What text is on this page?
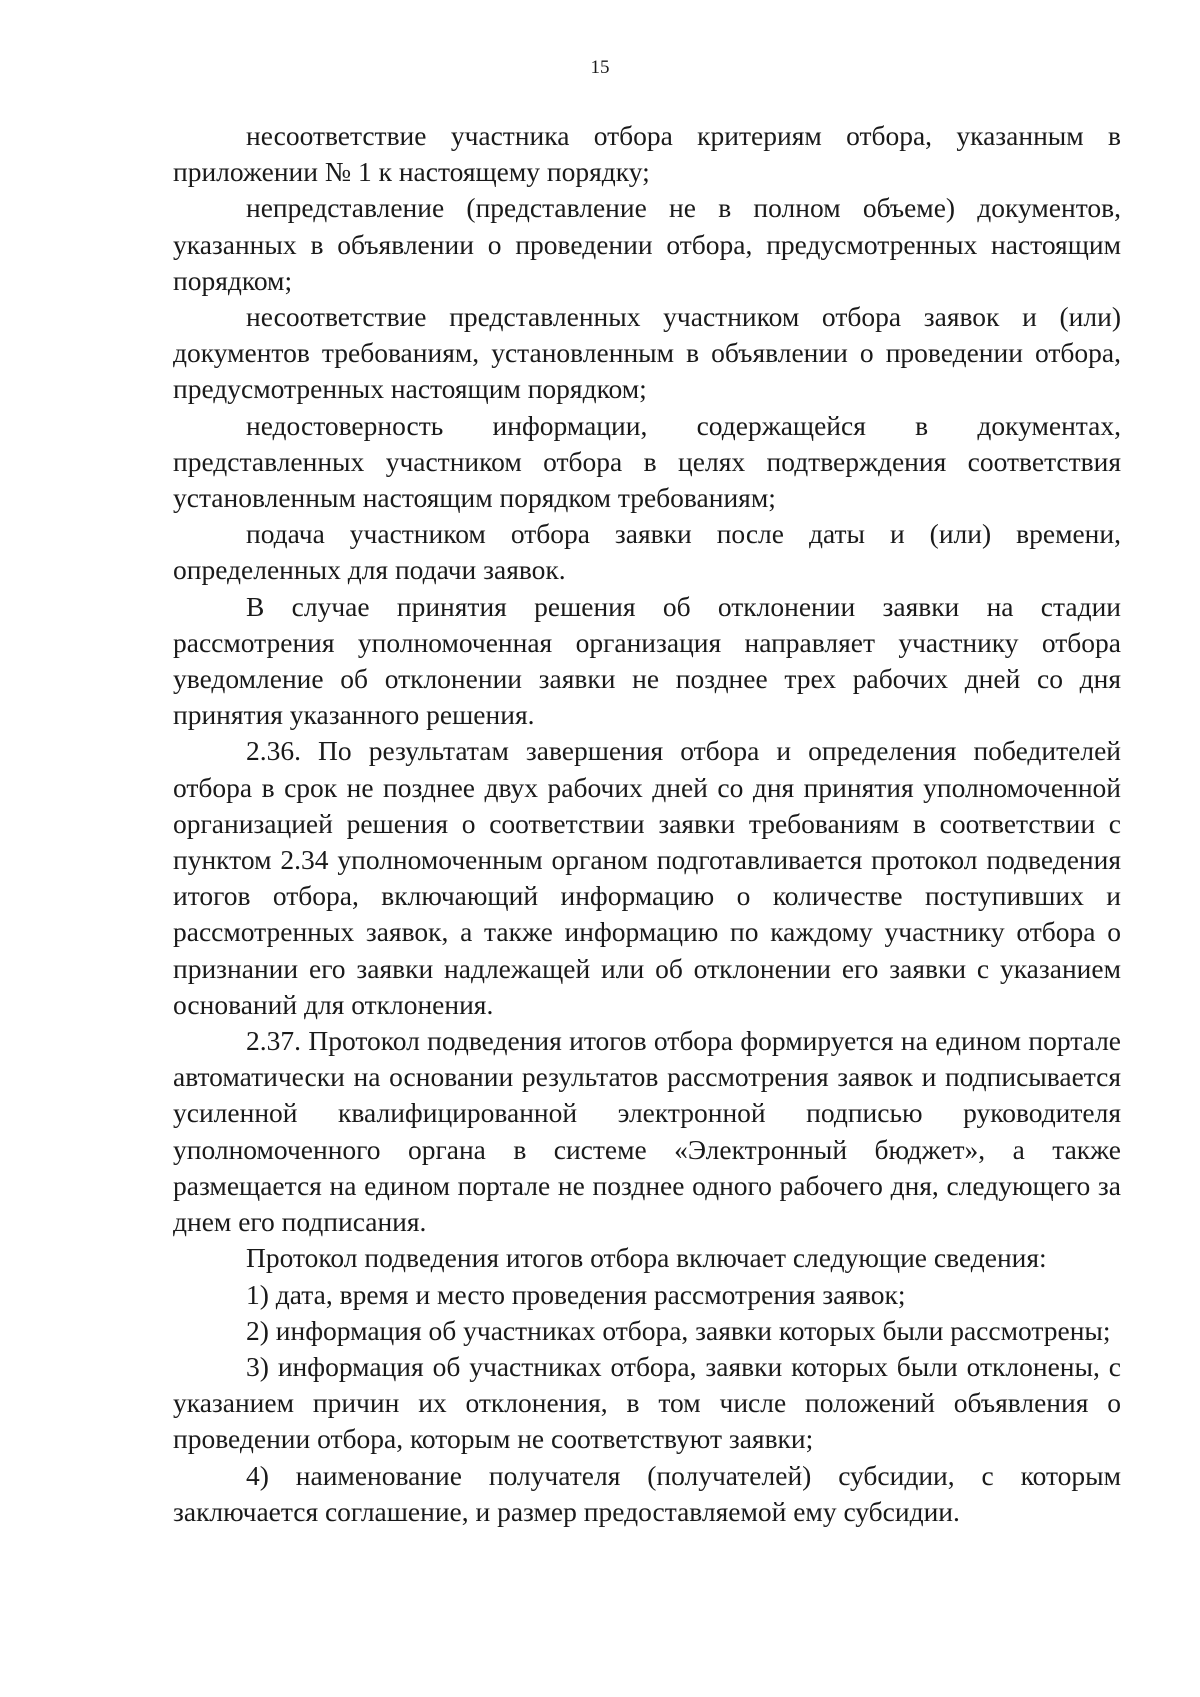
15

несоответствие участника отбора критериям отбора, указанным в приложении № 1 к настоящему порядку;

непредставление (представление не в полном объеме) документов, указанных в объявлении о проведении отбора, предусмотренных настоящим порядком;

несоответствие представленных участником отбора заявок и (или) документов требованиям, установленным в объявлении о проведении отбора, предусмотренных настоящим порядком;

недостоверность информации, содержащейся в документах, представленных участником отбора в целях подтверждения соответствия установленным настоящим порядком требованиям;

подача участником отбора заявки после даты и (или) времени, определенных для подачи заявок.

В случае принятия решения об отклонении заявки на стадии рассмотрения уполномоченная организация направляет участнику отбора уведомление об отклонении заявки не позднее трех рабочих дней со дня принятия указанного решения.

2.36. По результатам завершения отбора и определения победителей отбора в срок не позднее двух рабочих дней со дня принятия уполномоченной организацией решения о соответствии заявки требованиям в соответствии с пунктом 2.34 уполномоченным органом подготавливается протокол подведения итогов отбора, включающий информацию о количестве поступивших и рассмотренных заявок, а также информацию по каждому участнику отбора о признании его заявки надлежащей или об отклонении его заявки с указанием оснований для отклонения.

2.37. Протокол подведения итогов отбора формируется на едином портале автоматически на основании результатов рассмотрения заявок и подписывается усиленной квалифицированной электронной подписью руководителя уполномоченного органа в системе «Электронный бюджет», а также размещается на едином портале не позднее одного рабочего дня, следующего за днем его подписания.

Протокол подведения итогов отбора включает следующие сведения:

1) дата, время и место проведения рассмотрения заявок;

2) информация об участниках отбора, заявки которых были рассмотрены;

3) информация об участниках отбора, заявки которых были отклонены, с указанием причин их отклонения, в том числе положений объявления о проведении отбора, которым не соответствуют заявки;

4) наименование получателя (получателей) субсидии, с которым заключается соглашение, и размер предоставляемой ему субсидии.
